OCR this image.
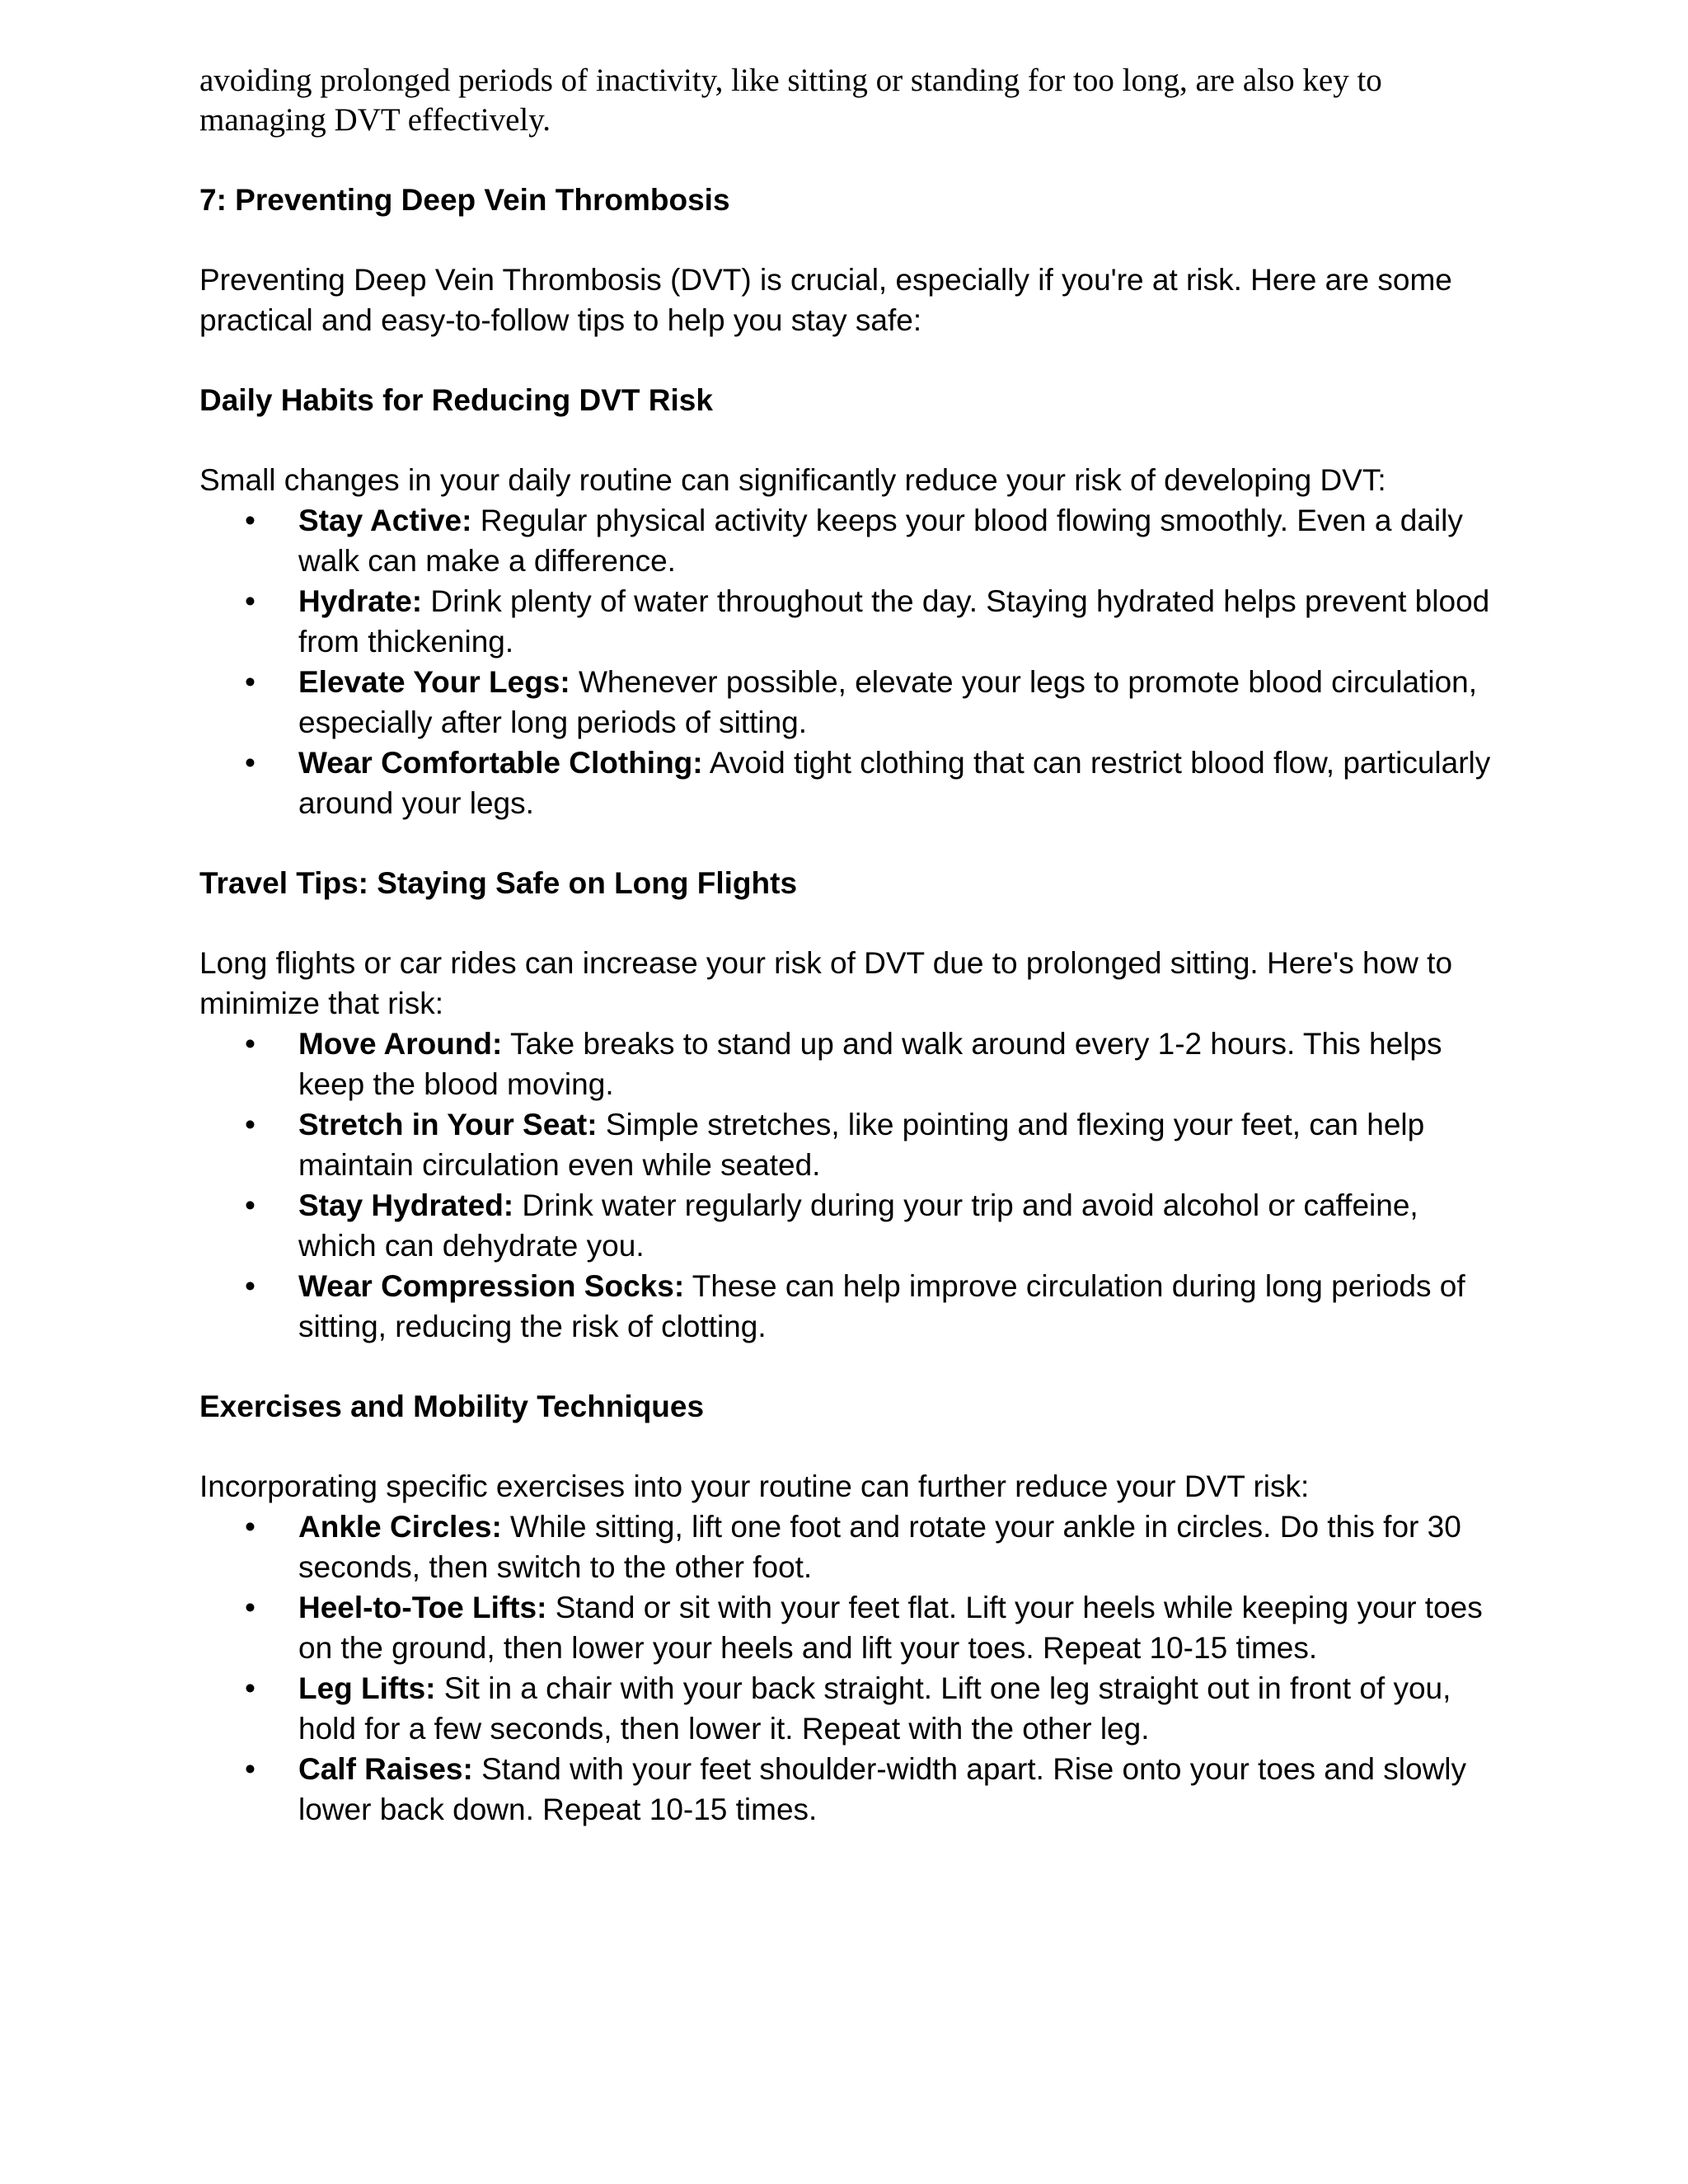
avoiding prolonged periods of inactivity, like sitting or standing for too long, are also key to managing DVT effectively.

7: Preventing Deep Vein Thrombosis

Preventing Deep Vein Thrombosis (DVT) is crucial, especially if you're at risk. Here are some practical and easy-to-follow tips to help you stay safe:

Daily Habits for Reducing DVT Risk

Small changes in your daily routine can significantly reduce your risk of developing DVT:

• Stay Active: Regular physical activity keeps your blood flowing smoothly. Even a daily walk can make a difference.
• Hydrate: Drink plenty of water throughout the day. Staying hydrated helps prevent blood from thickening.
• Elevate Your Legs: Whenever possible, elevate your legs to promote blood circulation, especially after long periods of sitting.
• Wear Comfortable Clothing: Avoid tight clothing that can restrict blood flow, particularly around your legs.

Travel Tips: Staying Safe on Long Flights

Long flights or car rides can increase your risk of DVT due to prolonged sitting. Here's how to minimize that risk:

• Move Around: Take breaks to stand up and walk around every 1-2 hours. This helps keep the blood moving.
• Stretch in Your Seat: Simple stretches, like pointing and flexing your feet, can help maintain circulation even while seated.
• Stay Hydrated: Drink water regularly during your trip and avoid alcohol or caffeine, which can dehydrate you.
• Wear Compression Socks: These can help improve circulation during long periods of sitting, reducing the risk of clotting.

Exercises and Mobility Techniques

Incorporating specific exercises into your routine can further reduce your DVT risk:

• Ankle Circles: While sitting, lift one foot and rotate your ankle in circles. Do this for 30 seconds, then switch to the other foot.
• Heel-to-Toe Lifts: Stand or sit with your feet flat. Lift your heels while keeping your toes on the ground, then lower your heels and lift your toes. Repeat 10-15 times.
• Leg Lifts: Sit in a chair with your back straight. Lift one leg straight out in front of you, hold for a few seconds, then lower it. Repeat with the other leg.
• Calf Raises: Stand with your feet shoulder-width apart. Rise onto your toes and slowly lower back down. Repeat 10-15 times.
